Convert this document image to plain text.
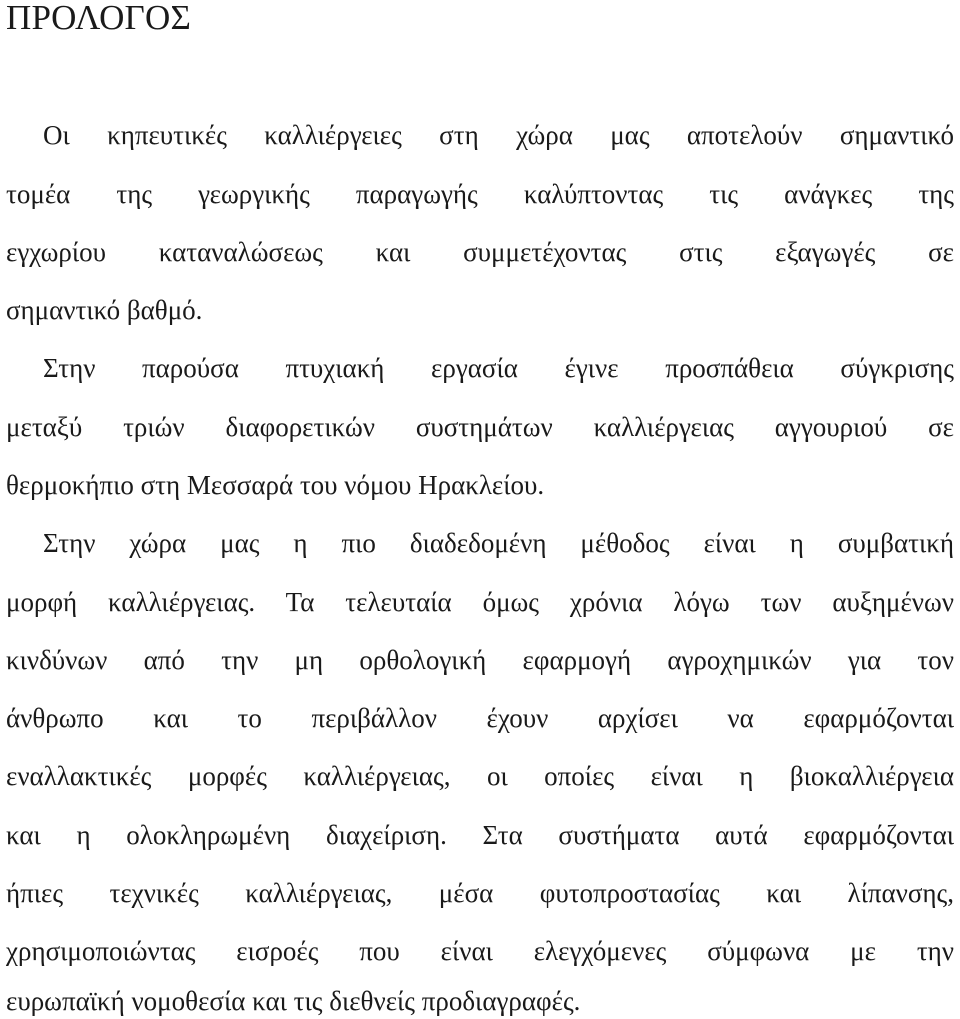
ΠΡΟΛΟΓΟΣ

Οι κηπευτικές καλλιέργειες στη χώρα μας αποτελούν σημαντικό

τομέα της γεωργικής παραγωγής καλύπτοντας τις ανάγκες της

εγχωρίου καταναλώσεως και συμμετέχοντας στις εξαγωγές σε

σημαντικό βαθμό.

Στην παρούσα πτυχιακή εργασία έγινε προσπάθεια σύγκρισης

μεταξύ τριών διαφορετικών συστημάτων καλλιέργειας αγγουριού σε

θερμοκήπιο στη Μεσσαρά του νόμου Ηρακλείου.

Στην χώρα μας η πιο διαδεδομένη μέθοδος είναι η συμβατική

μορφή καλλιέργειας. Τα τελευταία όμως χρόνια λόγω των αυξημένων

κινδύνων από την μη ορθολογική εφαρμογή αγροχημικών για τον

άνθρωπο και το περιβάλλον έχουν αρχίσει να εφαρμόζονται

εναλλακτικές μορφές καλλιέργειας, οι οποίες είναι η βιοκαλλιέργεια

και η ολοκληρωμένη διαχείριση. Στα συστήματα αυτά εφαρμόζονται

ήπιες τεχνικές καλλιέργειας, μέσα φυτοπροστασίας και λίπανσης,

χρησιμοποιώντας εισροές που είναι ελεγχόμενες σύμφωνα με την

ευρωπαϊκή νομοθεσία και τις διεθνείς προδιαγραφές.
